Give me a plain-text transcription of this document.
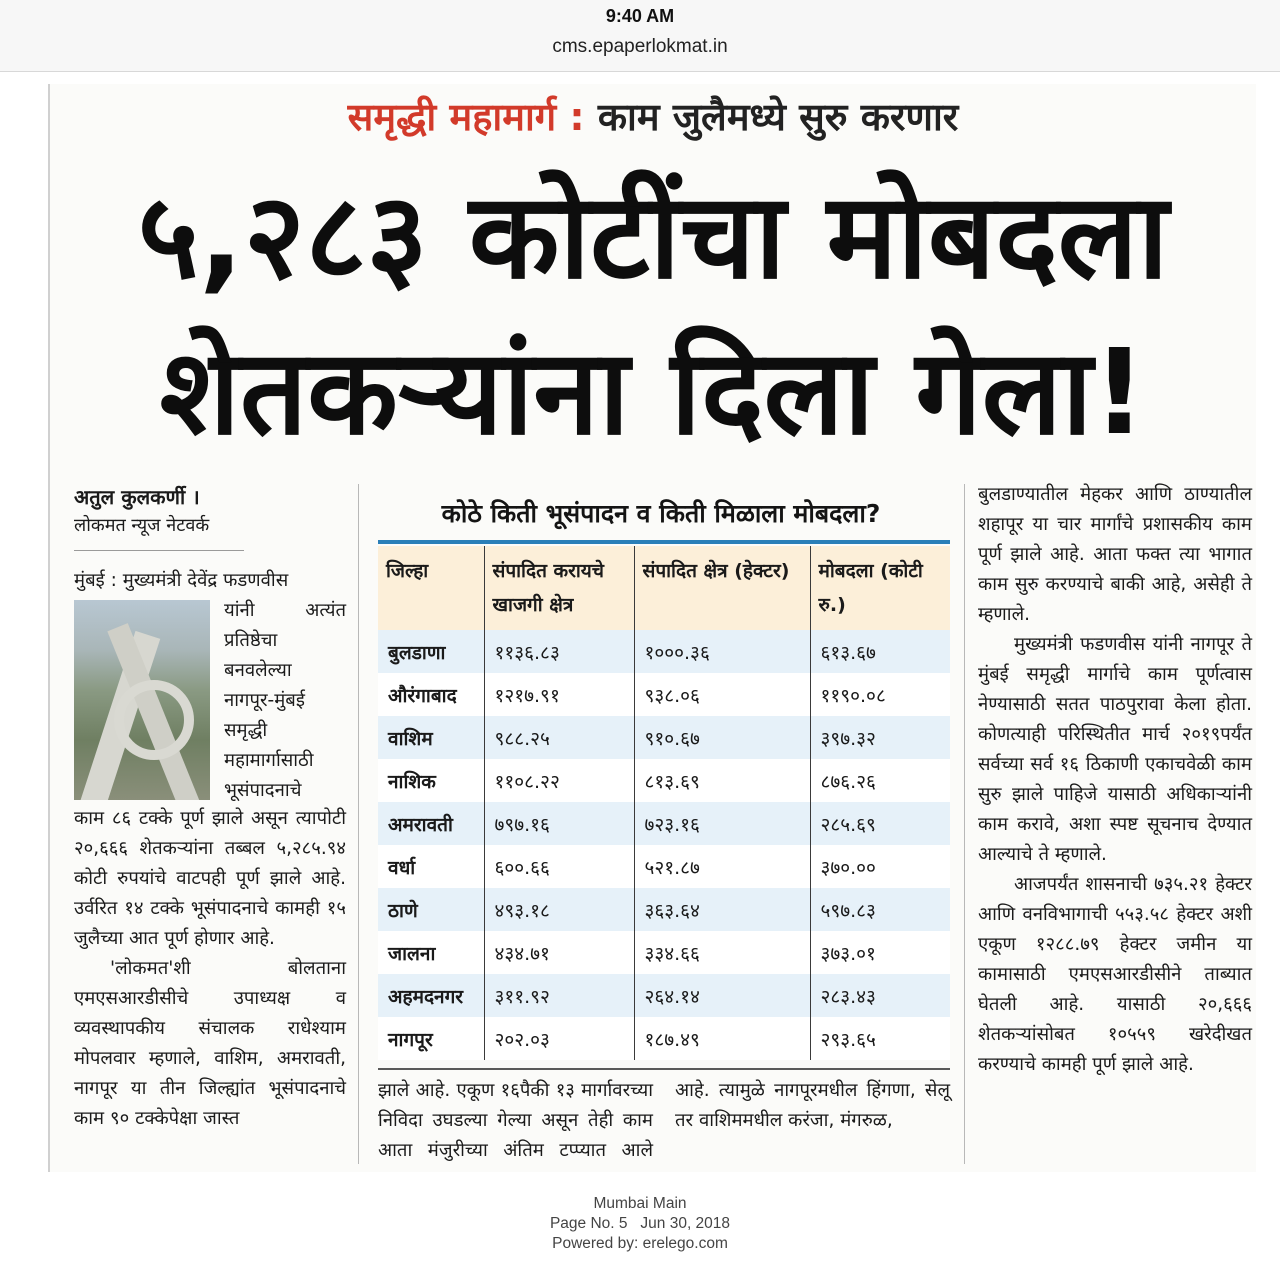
9:40 AM
cms.epaperlokmat.in
समृद्धी महामार्ग : काम जुलैमध्ये सुरु करणार
५,२८३ कोटींचा मोबदला
शेतकऱ्यांना दिला गेला!
अतुल कुलकर्णी ।
लोकमत न्यूज नेटवर्क

मुंबई : मुख्यमंत्री देवेंद्र फडणवीस

यांनी अत्यंत प्रतिष्ठेचा बनवलेल्या नागपूर-मुंबई समृद्धी महामार्गासाठी भूसंपादनाचे

काम ८६ टक्के पूर्ण झाले असून त्यापोटी २०,६६६ शेतकऱ्यांना तब्बल ५,२८५.९४ कोटी रुपयांचे वाटपही पूर्ण झाले आहे. उर्वरित १४ टक्के भूसंपादनाचे कामही १५ जुलैच्या आत पूर्ण होणार आहे.

'लोकमत'शी बोलताना एमएसआरडीसीचे उपाध्यक्ष व व्यवस्थापकीय संचालक राधेश्याम मोपलवार म्हणाले, वाशिम, अमरावती, नागपूर या तीन जिल्ह्यांत भूसंपादनाचे काम ९० टक्केपेक्षा जास्त

कोठे किती भूसंपादन व किती मिळाला मोबदला?
जिल्हा	संपादित करायचे खाजगी क्षेत्र	संपादित क्षेत्र (हेक्टर)	मोबदला (कोटी रु.)
बुलडाणा	११३६.८३	१०००.३६	६१३.६७
औरंगाबाद	१२१७.९१	९३८.०६	११९०.०८
वाशिम	९८८.२५	९१०.६७	३९७.३२
नाशिक	११०८.२२	८१३.६९	८७६.२६
अमरावती	७९७.१६	७२३.१६	२८५.६९
वर्धा	६००.६६	५२१.८७	३७०.००
ठाणे	४९३.१८	३६३.६४	५९७.८३
जालना	४३४.७१	३३४.६६	३७३.०१
अहमदनगर	३११.९२	२६४.१४	२८३.४३
नागपूर	२०२.०३	१८७.४९	२९३.६५

झाले आहे. एकूण १६पैकी १३ मार्गावरच्या निविदा उघडल्या गेल्या असून तेही काम आता मंजुरीच्या अंतिम टप्प्यात आले आहे. त्यामुळे नागपूरमधील हिंगणा, सेलू तर वाशिममधील करंजा, मंगरुळ,

बुलडाण्यातील मेहकर आणि ठाण्यातील शहापूर या चार मार्गांचे प्रशासकीय काम पूर्ण झाले आहे. आता फक्त त्या भागात काम सुरु करण्याचे बाकी आहे, असेही ते म्हणाले.

मुख्यमंत्री फडणवीस यांनी नागपूर ते मुंबई समृद्धी मार्गाचे काम पूर्णत्वास नेण्यासाठी सतत पाठपुरावा केला होता. कोणत्याही परिस्थितीत मार्च २०१९पर्यंत सर्वच्या सर्व १६ ठिकाणी एकाचवेळी काम सुरु झाले पाहिजे यासाठी अधिकाऱ्यांनी काम करावे, अशा स्पष्ट सूचनाच देण्यात आल्याचे ते म्हणाले.

आजपर्यंत शासनाची ७३५.२१ हेक्टर आणि वनविभागाची ५५३.५८ हेक्टर अशी एकूण १२८८.७९ हेक्टर जमीन या कामासाठी एमएसआरडीसीने ताब्यात घेतली आहे. यासाठी २०,६६६ शेतकऱ्यांसोबत १०५५९ खरेदीखत करण्याचे कामही पूर्ण झाले आहे.

Mumbai Main
Page No. 5   Jun 30, 2018
Powered by: erelego.com
